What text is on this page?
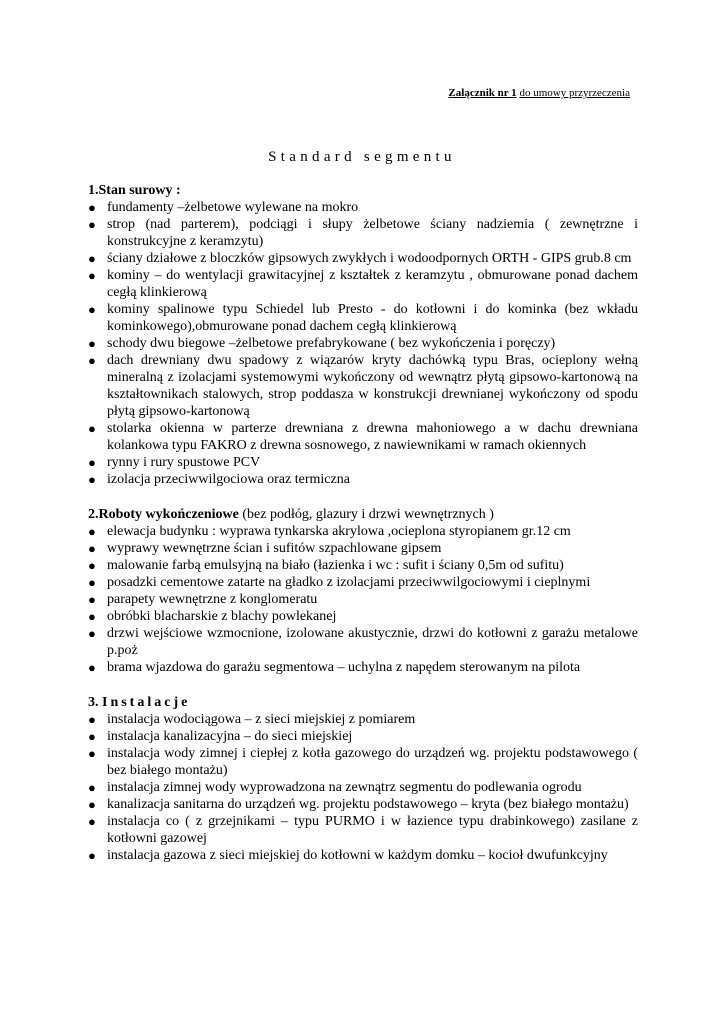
Załącznik nr 1 do umowy przyrzeczenia
Standard segmentu

1.Stan surowy :

● fundamenty –żelbetowe wylewane na mokro
● strop (nad parterem), podciągi i słupy żelbetowe ściany nadziemia ( zewnętrzne i konstrukcyjne z keramzytu)
● ściany działowe z bloczków gipsowych zwykłych i wodoodpornych ORTH - GIPS grub.8 cm
● kominy – do wentylacji grawitacyjnej z kształtek z keramzytu , obmurowane ponad dachem cegłą klinkierową
● kominy spalinowe typu Schiedel lub Presto - do kotłowni i do kominka (bez wkładu kominkowego),obmurowane ponad dachem cegłą klinkierową
● schody dwu biegowe –żelbetowe prefabrykowane ( bez wykończenia i poręczy)
● dach drewniany dwu spadowy z wiązarów kryty dachówką typu Bras, ocieplony wełną mineralną z izolacjami systemowymi wykończony od wewnątrz płytą gipsowo-kartonową na kształtownikach stalowych, strop poddasza w konstrukcji drewnianej wykończony od spodu płytą gipsowo-kartonową
● stolarka okienna w parterze drewniana z drewna mahoniowego a w dachu drewniana kolankowa typu FAKRO z drewna sosnowego, z nawiewnikami w ramach okiennych
● rynny i rury spustowe PCV
● izolacja przeciwwilgociowa oraz termiczna

2.Roboty wykończeniowe (bez podłóg, glazury i drzwi wewnętrznych )

● elewacja budynku : wyprawa tynkarska akrylowa ,ocieplona styropianem gr.12 cm
● wyprawy wewnętrzne ścian i sufitów szpachlowane gipsem
● malowanie farbą emulsyjną na biało (łazienka i wc : sufit i ściany 0,5m od sufitu)
● posadzki cementowe zatarte na gładko z izolacjami przeciwwilgociowymi i cieplnymi
● parapety wewnętrzne z konglomeratu
● obróbki blacharskie z blachy powlekanej
● drzwi wejściowe wzmocnione, izolowane akustycznie, drzwi do kotłowni z garażu metalowe p.poż
● brama wjazdowa do garażu segmentowa – uchylna z napędem sterowanym na pilota

3. Instalacje

● instalacja wodociągowa – z sieci miejskiej z pomiarem
● instalacja kanalizacyjna – do sieci miejskiej
● instalacja wody zimnej i ciepłej z kotła gazowego do urządzeń wg. projektu podstawowego ( bez białego montażu)
● instalacja zimnej wody wyprowadzona na zewnątrz segmentu do podlewania ogrodu
● kanalizacja sanitarna do urządzeń wg. projektu podstawowego – kryta (bez białego montażu)
● instalacja co ( z grzejnikami – typu PURMO i w łazience typu drabinkowego) zasilane z kotłowni gazowej
● instalacja gazowa z sieci miejskiej do kotłowni w każdym domku – kocioł dwufunkcyjny
